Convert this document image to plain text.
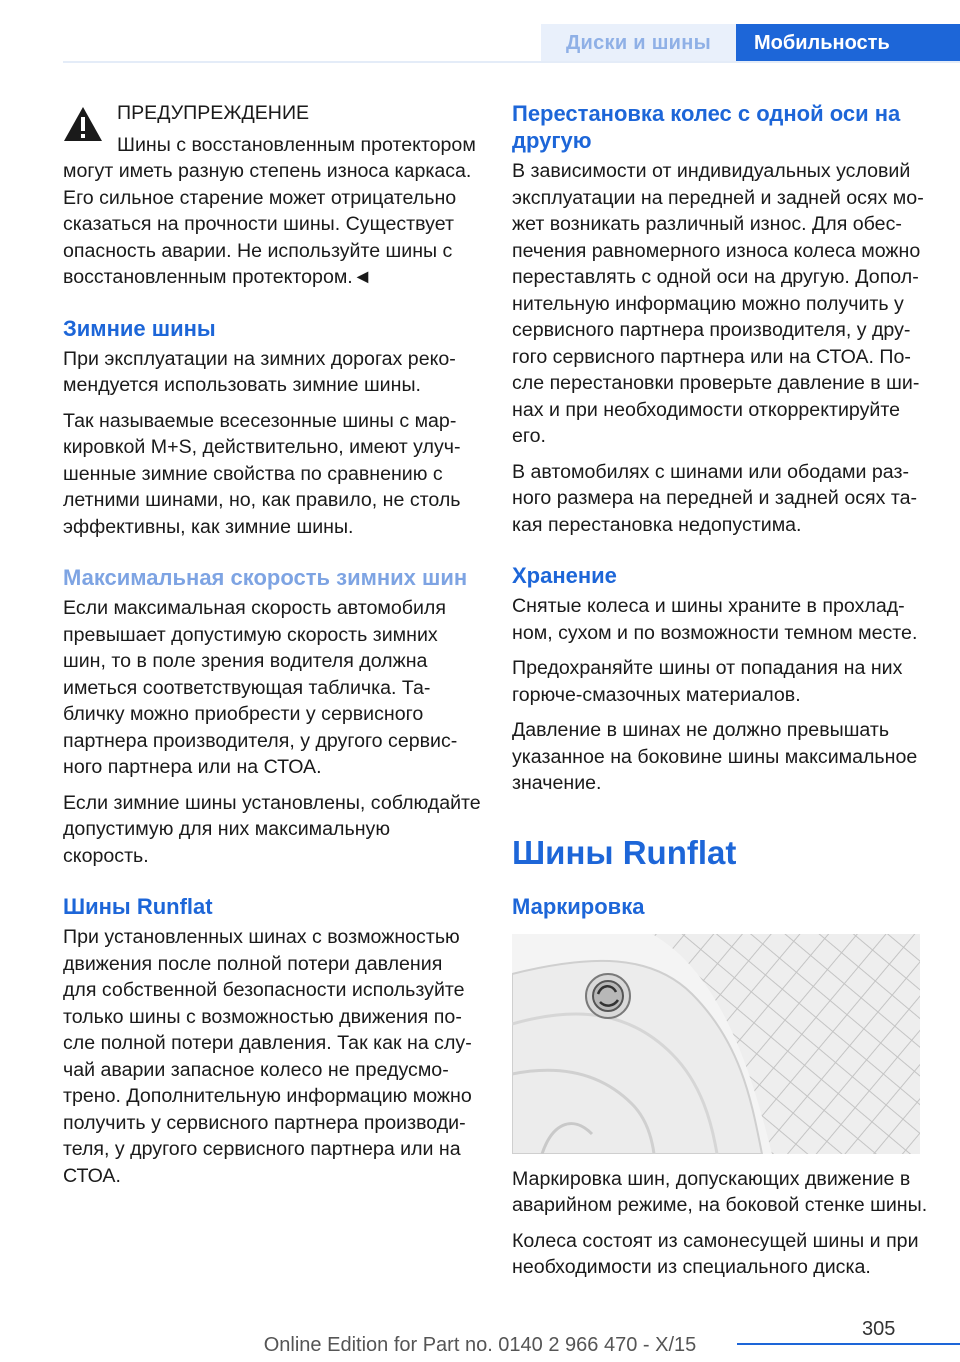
Диски и шины	Мобильность
ПРЕДУПРЕЖДЕНИЕ
Шины с восстановленным протектором могут иметь разную степень износа каркаса. Его сильное старение может отрицательно сказаться на прочности шины. Существует опасность аварии. Не используйте шины с восстановленным протектором.◄
Зимние шины

При эксплуатации на зимних дорогах рекомендуется использовать зимние шины.

Так называемые всесезонные шины с маркировкой M+S, действительно, имеют улучшенные зимние свойства по сравнению с летними шинами, но, как правило, не столь эффективны, как зимние шины.

Максимальная скорость зимних шин

Если максимальная скорость автомобиля превышает допустимую скорость зимних шин, то в поле зрения водителя должна иметься соответствующая табличка. Табличку можно приобрести у сервисного партнера производителя, у другого сервисного партнера или на СТОА.

Если зимние шины установлены, соблюдайте допустимую для них максимальную скорость.

Шины Runflat

При установленных шинах с возможностью движения после полной потери давления для собственной безопасности используйте только шины с возможностью движения после полной потери давления. Так как на случай аварии запасное колесо не предусмотрено. Дополнительную информацию можно получить у сервисного партнера производителя, у другого сервисного партнера или на СТОА.

Перестановка колес с одной оси на другую

В зависимости от индивидуальных условий эксплуатации на передней и задней осях может возникать различный износ. Для обеспечения равномерного износа колеса можно переставлять с одной оси на другую. Дополнительную информацию можно получить у сервисного партнера производителя, у другого сервисного партнера или на СТОА. После перестановки проверьте давление в шинах и при необходимости откорректируйте его.

В автомобилях с шинами или ободами разного размера на передней и задней осях такая перестановка недопустима.

Хранение

Снятые колеса и шины храните в прохладном, сухом и по возможности темном месте.

Предохраняйте шины от попадания на них горюче-смазочных материалов.

Давление в шинах не должно превышать указанное на боковине шины максимальное значение.

Шины Runflat
Маркировка

Маркировка шин, допускающих движение в аварийном режиме, на боковой стенке шины.

Колеса состоят из самонесущей шины и при необходимости из специального диска.

305
Online Edition for Part no. 0140 2 966 470 - X/15
